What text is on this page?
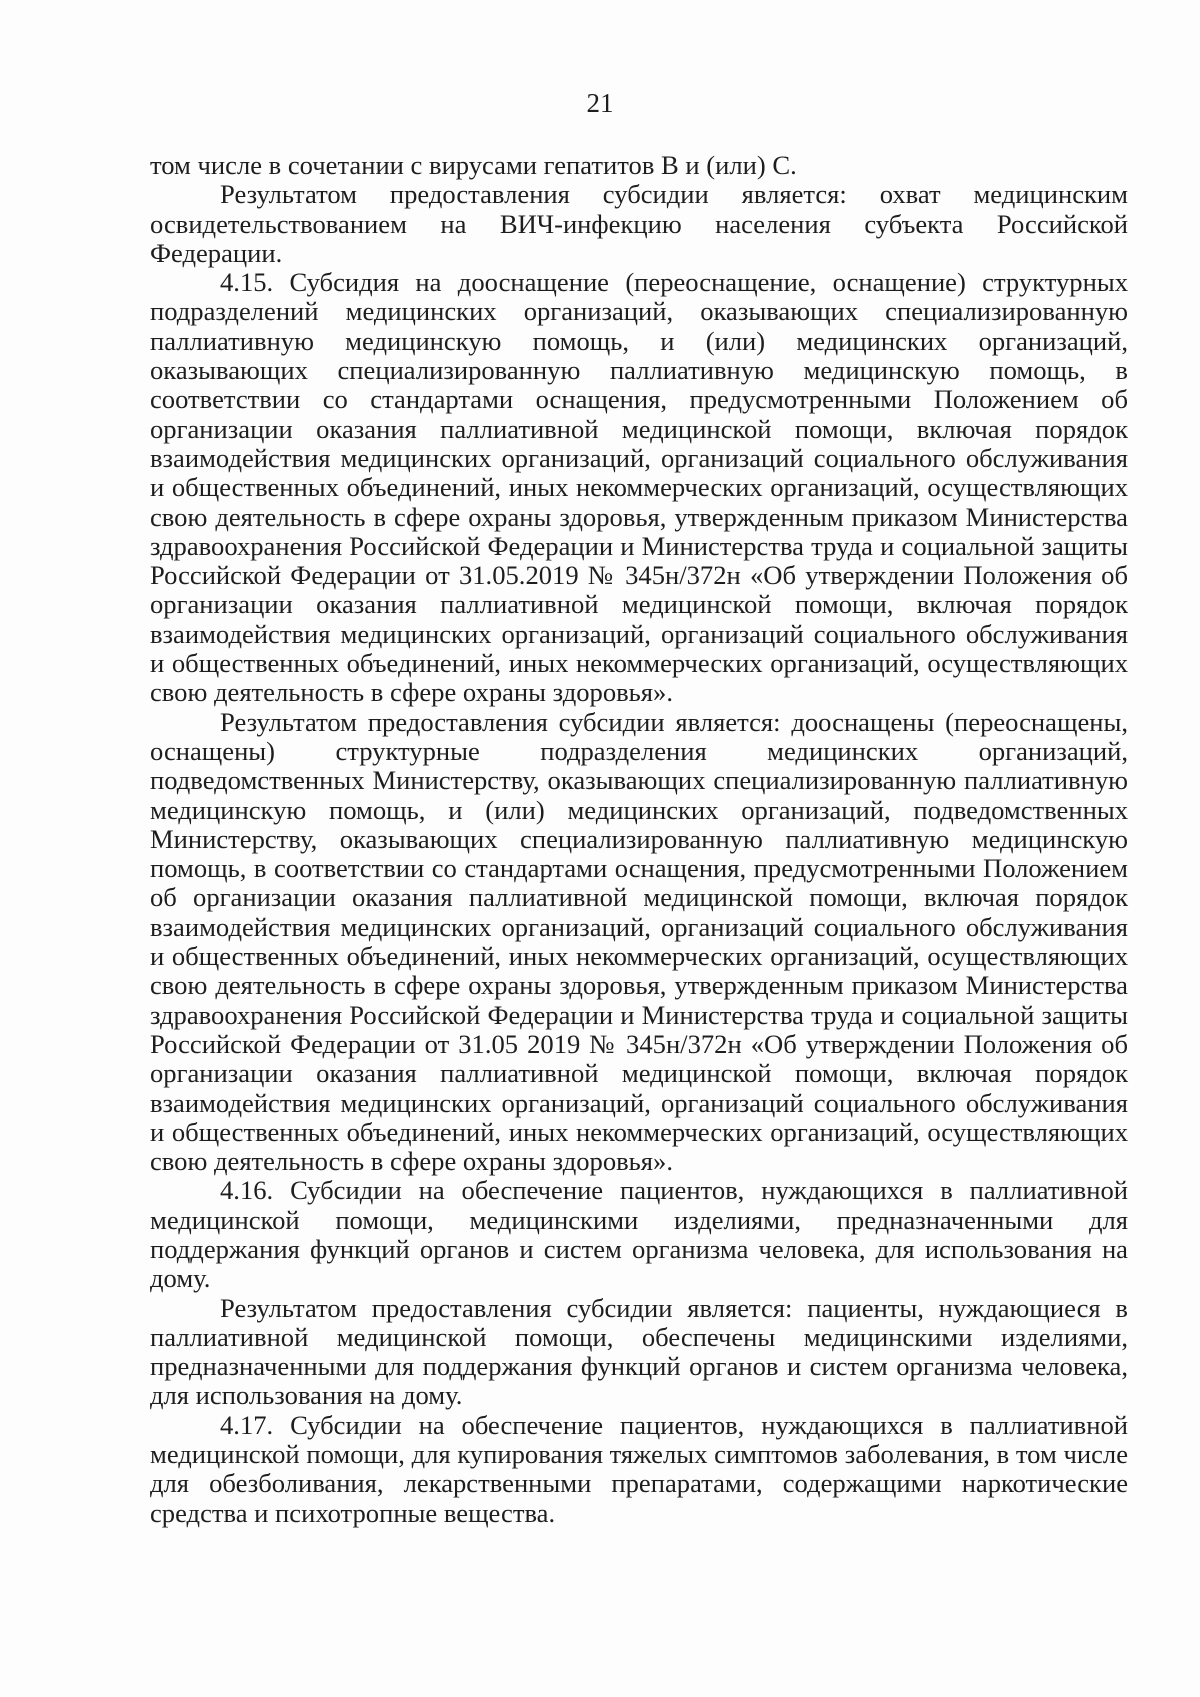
21

том числе в сочетании с вирусами гепатитов В и (или) С.

Результатом предоставления субсидии является: охват медицинским освидетельствованием на ВИЧ-инфекцию населения субъекта Российской Федерации.

4.15. Субсидия на дооснащение (переоснащение, оснащение) структурных подразделений медицинских организаций, оказывающих специализированную паллиативную медицинскую помощь, и (или) медицинских организаций, оказывающих специализированную паллиативную медицинскую помощь, в соответствии со стандартами оснащения, предусмотренными Положением об организации оказания паллиативной медицинской помощи, включая порядок взаимодействия медицинских организаций, организаций социального обслуживания и общественных объединений, иных некоммерческих организаций, осуществляющих свою деятельность в сфере охраны здоровья, утвержденным приказом Министерства здравоохранения Российской Федерации и Министерства труда и социальной защиты Российской Федерации от 31.05.2019 № 345н/372н «Об утверждении Положения об организации оказания паллиативной медицинской помощи, включая порядок взаимодействия медицинских организаций, организаций социального обслуживания и общественных объединений, иных некоммерческих организаций, осуществляющих свою деятельность в сфере охраны здоровья».

Результатом предоставления субсидии является: дооснащены (переоснащены, оснащены) структурные подразделения медицинских организаций, подведомственных Министерству, оказывающих специализированную паллиативную медицинскую помощь, и (или) медицинских организаций, подведомственных Министерству, оказывающих специализированную паллиативную медицинскую помощь, в соответствии со стандартами оснащения, предусмотренными Положением об организации оказания паллиативной медицинской помощи, включая порядок взаимодействия медицинских организаций, организаций социального обслуживания и общественных объединений, иных некоммерческих организаций, осуществляющих свою деятельность в сфере охраны здоровья, утвержденным приказом Министерства здравоохранения Российской Федерации и Министерства труда и социальной защиты Российской Федерации от 31.05 2019 № 345н/372н «Об утверждении Положения об организации оказания паллиативной медицинской помощи, включая порядок взаимодействия медицинских организаций, организаций социального обслуживания и общественных объединений, иных некоммерческих организаций, осуществляющих свою деятельность в сфере охраны здоровья».

4.16. Субсидии на обеспечение пациентов, нуждающихся в паллиативной медицинской помощи, медицинскими изделиями, предназначенными для поддержания функций органов и систем организма человека, для использования на дому.

Результатом предоставления субсидии является: пациенты, нуждающиеся в паллиативной медицинской помощи, обеспечены медицинскими изделиями, предназначенными для поддержания функций органов и систем организма человека, для использования на дому.

4.17. Субсидии на обеспечение пациентов, нуждающихся в паллиативной медицинской помощи, для купирования тяжелых симптомов заболевания, в том числе для обезболивания, лекарственными препаратами, содержащими наркотические средства и психотропные вещества.
